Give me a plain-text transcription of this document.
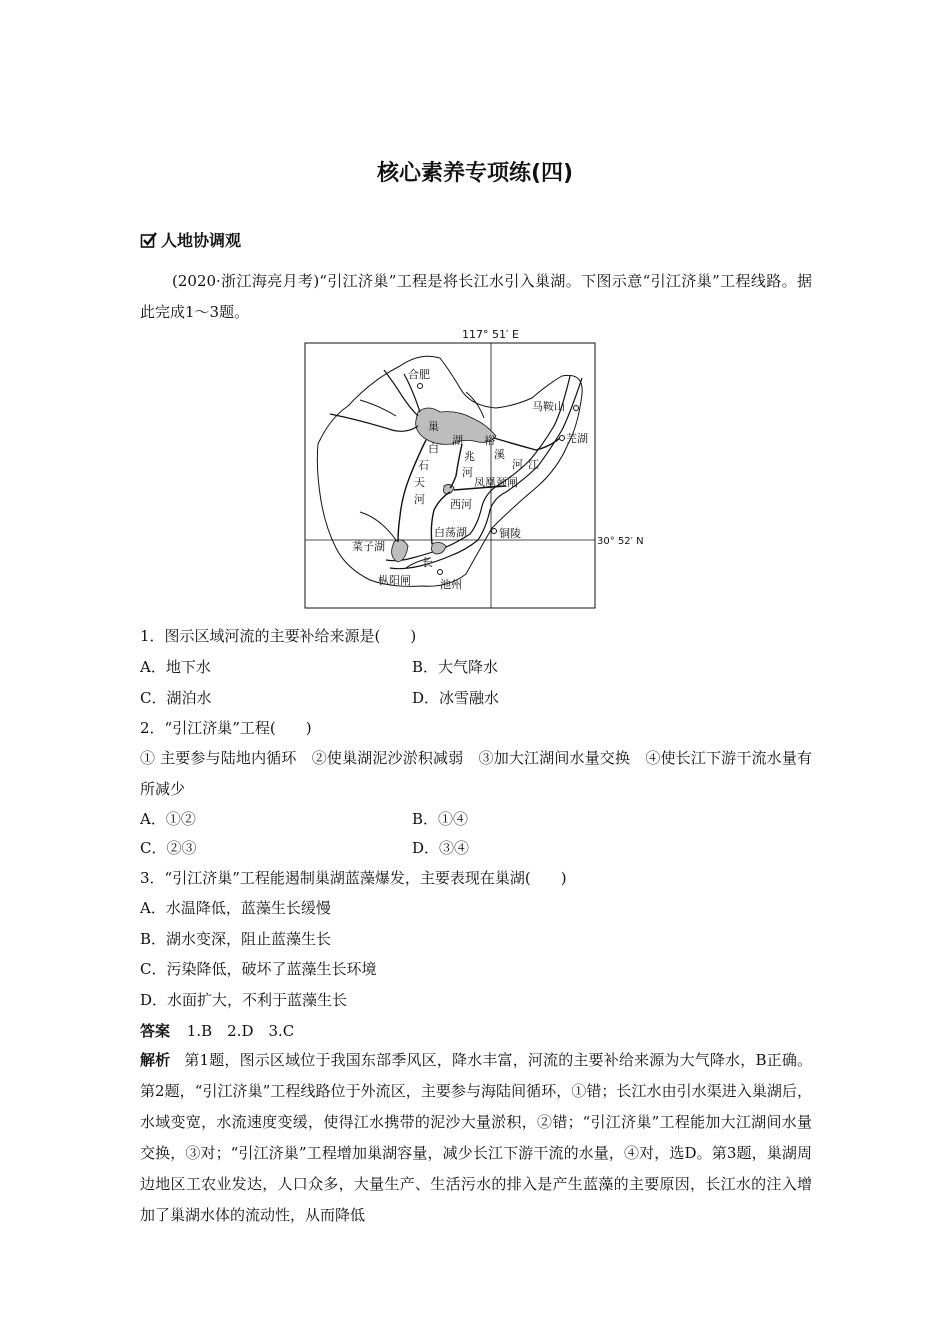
核心素养专项练(四)
人地协调观
(2020·浙江海亮月考)“引江济巢”工程是将长江水引入巢湖。下图示意“引江济巢”工程线路。据此完成1～3题。
117° 51′ E
30° 52′ N
合肥
马鞍山
芜湖
铜陵
池州
菜子湖
枞阳闸
白荡湖
凤凰颈闸
西河
巢
湖
白
石
天
河
兆
河
裕
溪
河 江
长
1．图示区域河流的主要补给来源是(　　)
A．地下水	B．大气降水
C．湖泊水	D．冰雪融水
2．“引江济巢”工程(　　)
① 主要参与陆地内循环　②使巢湖泥沙淤积减弱　③加大江湖间水量交换　④使长江下游干流水量有所减少
A．①②	B．①④
C．②③	D．③④
3．“引江济巢”工程能遏制巢湖蓝藻爆发，主要表现在巢湖(　　)
A．水温降低，蓝藻生长缓慢
B．湖水变深，阻止蓝藻生长
C．污染降低，破坏了蓝藻生长环境
D．水面扩大，不利于蓝藻生长
答案 1.B　2.D　3.C
解析 第1题，图示区域位于我国东部季风区，降水丰富，河流的主要补给来源为大气降水，B正确。第2题，“引江济巢”工程线路位于外流区，主要参与海陆间循环，①错；长江水由引水渠进入巢湖后，水域变宽，水流速度变缓，使得江水携带的泥沙大量淤积，②错；“引江济巢”工程能加大江湖间水量交换，③对；“引江济巢”工程增加巢湖容量，减少长江下游干流的水量，④对，选D。第3题，巢湖周边地区工农业发达，人口众多，大量生产、生活污水的排入是产生蓝藻的主要原因，长江水的注入增加了巢湖水体的流动性，从而降低
